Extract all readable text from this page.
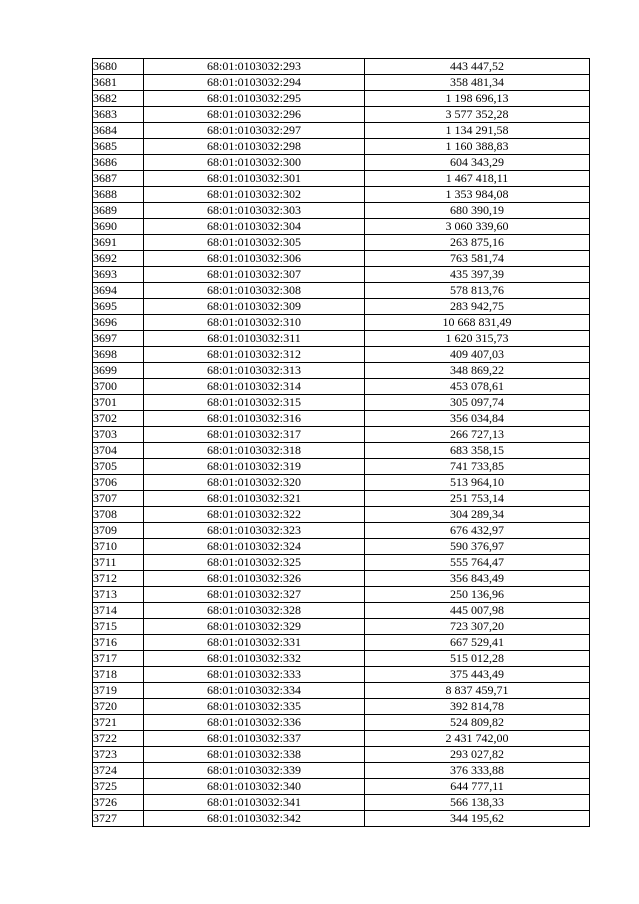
3680	68:01:0103032:293	443 447,52
3681	68:01:0103032:294	358 481,34
3682	68:01:0103032:295	1 198 696,13
3683	68:01:0103032:296	3 577 352,28
3684	68:01:0103032:297	1 134 291,58
3685	68:01:0103032:298	1 160 388,83
3686	68:01:0103032:300	604 343,29
3687	68:01:0103032:301	1 467 418,11
3688	68:01:0103032:302	1 353 984,08
3689	68:01:0103032:303	680 390,19
3690	68:01:0103032:304	3 060 339,60
3691	68:01:0103032:305	263 875,16
3692	68:01:0103032:306	763 581,74
3693	68:01:0103032:307	435 397,39
3694	68:01:0103032:308	578 813,76
3695	68:01:0103032:309	283 942,75
3696	68:01:0103032:310	10 668 831,49
3697	68:01:0103032:311	1 620 315,73
3698	68:01:0103032:312	409 407,03
3699	68:01:0103032:313	348 869,22
3700	68:01:0103032:314	453 078,61
3701	68:01:0103032:315	305 097,74
3702	68:01:0103032:316	356 034,84
3703	68:01:0103032:317	266 727,13
3704	68:01:0103032:318	683 358,15
3705	68:01:0103032:319	741 733,85
3706	68:01:0103032:320	513 964,10
3707	68:01:0103032:321	251 753,14
3708	68:01:0103032:322	304 289,34
3709	68:01:0103032:323	676 432,97
3710	68:01:0103032:324	590 376,97
3711	68:01:0103032:325	555 764,47
3712	68:01:0103032:326	356 843,49
3713	68:01:0103032:327	250 136,96
3714	68:01:0103032:328	445 007,98
3715	68:01:0103032:329	723 307,20
3716	68:01:0103032:331	667 529,41
3717	68:01:0103032:332	515 012,28
3718	68:01:0103032:333	375 443,49
3719	68:01:0103032:334	8 837 459,71
3720	68:01:0103032:335	392 814,78
3721	68:01:0103032:336	524 809,82
3722	68:01:0103032:337	2 431 742,00
3723	68:01:0103032:338	293 027,82
3724	68:01:0103032:339	376 333,88
3725	68:01:0103032:340	644 777,11
3726	68:01:0103032:341	566 138,33
3727	68:01:0103032:342	344 195,62
